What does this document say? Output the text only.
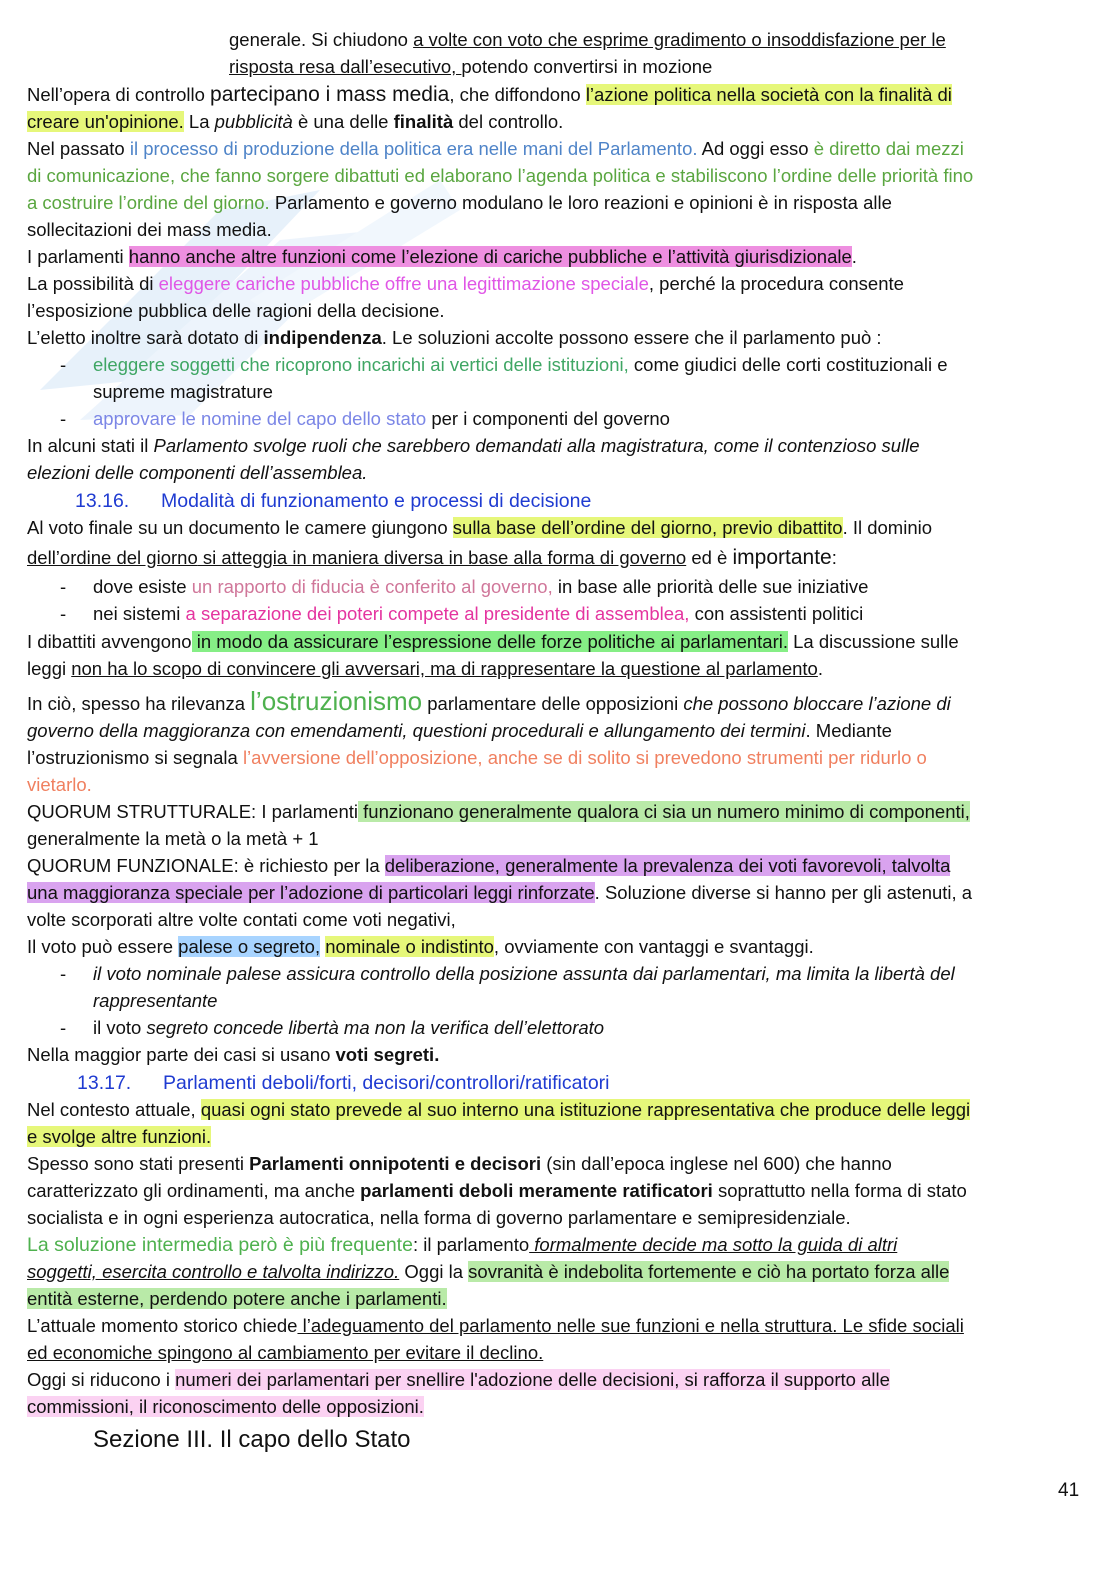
generale. Si chiudono a volte con voto che esprime gradimento o insoddisfazione per le
risposta resa dall’esecutivo, potendo convertirsi in mozione
Nell’opera di controllo partecipano i mass media, che diffondono l’azione politica nella società con la finalità di
creare un'opinione. La pubblicità è una delle finalità del controllo.
Nel passato il processo di produzione della politica era nelle mani del Parlamento. Ad oggi esso è diretto dai mezzi
di comunicazione, che fanno sorgere dibattuti ed elaborano l’agenda politica e stabiliscono l’ordine delle priorità fino
a costruire l’ordine del giorno. Parlamento e governo modulano le loro reazioni e opinioni è in risposta alle
sollecitazioni dei mass media.
I parlamenti hanno anche altre funzioni come l’elezione di cariche pubbliche e l’attività giurisdizionale.
La possibilità di eleggere cariche pubbliche offre una legittimazione speciale, perché la procedura consente
l’esposizione pubblica delle ragioni della decisione.
L’eletto inoltre sarà dotato di indipendenza. Le soluzioni accolte possono essere che il parlamento può :
- eleggere soggetti che ricoprono incarichi ai vertici delle istituzioni, come giudici delle corti costituzionali e
supreme magistrature
- approvare le nomine del capo dello stato per i componenti del governo
In alcuni stati il Parlamento svolge ruoli che sarebbero demandati alla magistratura, come il contenzioso sulle
elezioni delle componenti dell’assemblea.
13.16. Modalità di funzionamento e processi di decisione
Al voto finale su un documento le camere giungono sulla base dell’ordine del giorno, previo dibattito. Il dominio
dell’ordine del giorno si atteggia in maniera diversa in base alla forma di governo ed è importante:
- dove esiste un rapporto di fiducia è conferito al governo, in base alle priorità delle sue iniziative
- nei sistemi a separazione dei poteri compete al presidente di assemblea, con assistenti politici
I dibattiti avvengono in modo da assicurare l’espressione delle forze politiche ai parlamentari. La discussione sulle
leggi non ha lo scopo di convincere gli avversari, ma di rappresentare la questione al parlamento.
In ciò, spesso ha rilevanza l’ostruzionismo parlamentare delle opposizioni che possono bloccare l’azione di
governo della maggioranza con emendamenti, questioni procedurali e allungamento dei termini. Mediante
l’ostruzionismo si segnala l’avversione dell’opposizione, anche se di solito si prevedono strumenti per ridurlo o
vietarlo.
QUORUM STRUTTURALE: I parlamenti funzionano generalmente qualora ci sia un numero minimo di componenti,
generalmente la metà o la metà + 1
QUORUM FUNZIONALE: è richiesto per la deliberazione, generalmente la prevalenza dei voti favorevoli, talvolta
una maggioranza speciale per l’adozione di particolari leggi rinforzate. Soluzione diverse si hanno per gli astenuti, a
volte scorporati altre volte contati come voti negativi,
Il voto può essere palese o segreto, nominale o indistinto, ovviamente con vantaggi e svantaggi.
- il voto nominale palese assicura controllo della posizione assunta dai parlamentari, ma limita la libertà del
rappresentante
- il voto segreto concede libertà ma non la verifica dell’elettorato
Nella maggior parte dei casi si usano voti segreti.
13.17. Parlamenti deboli/forti, decisori/controllori/ratificatori
Nel contesto attuale, quasi ogni stato prevede al suo interno una istituzione rappresentativa che produce delle leggi
e svolge altre funzioni.
Spesso sono stati presenti Parlamenti onnipotenti e decisori (sin dall’epoca inglese nel 600) che hanno
caratterizzato gli ordinamenti, ma anche parlamenti deboli meramente ratificatori soprattutto nella forma di stato
socialista e in ogni esperienza autocratica, nella forma di governo parlamentare e semipresidenziale.
La soluzione intermedia però è più frequente: il parlamento formalmente decide ma sotto la guida di altri
soggetti, esercita controllo e talvolta indirizzo. Oggi la sovranità è indebolita fortemente e ciò ha portato forza alle
entità esterne, perdendo potere anche i parlamenti.
L’attuale momento storico chiede l’adeguamento del parlamento nelle sue funzioni e nella struttura. Le sfide sociali
ed economiche spingono al cambiamento per evitare il declino.
Oggi si riducono i numeri dei parlamentari per snellire l'adozione delle decisioni, si rafforza il supporto alle
commissioni, il riconoscimento delle opposizioni.
Sezione III. Il capo dello Stato
41
